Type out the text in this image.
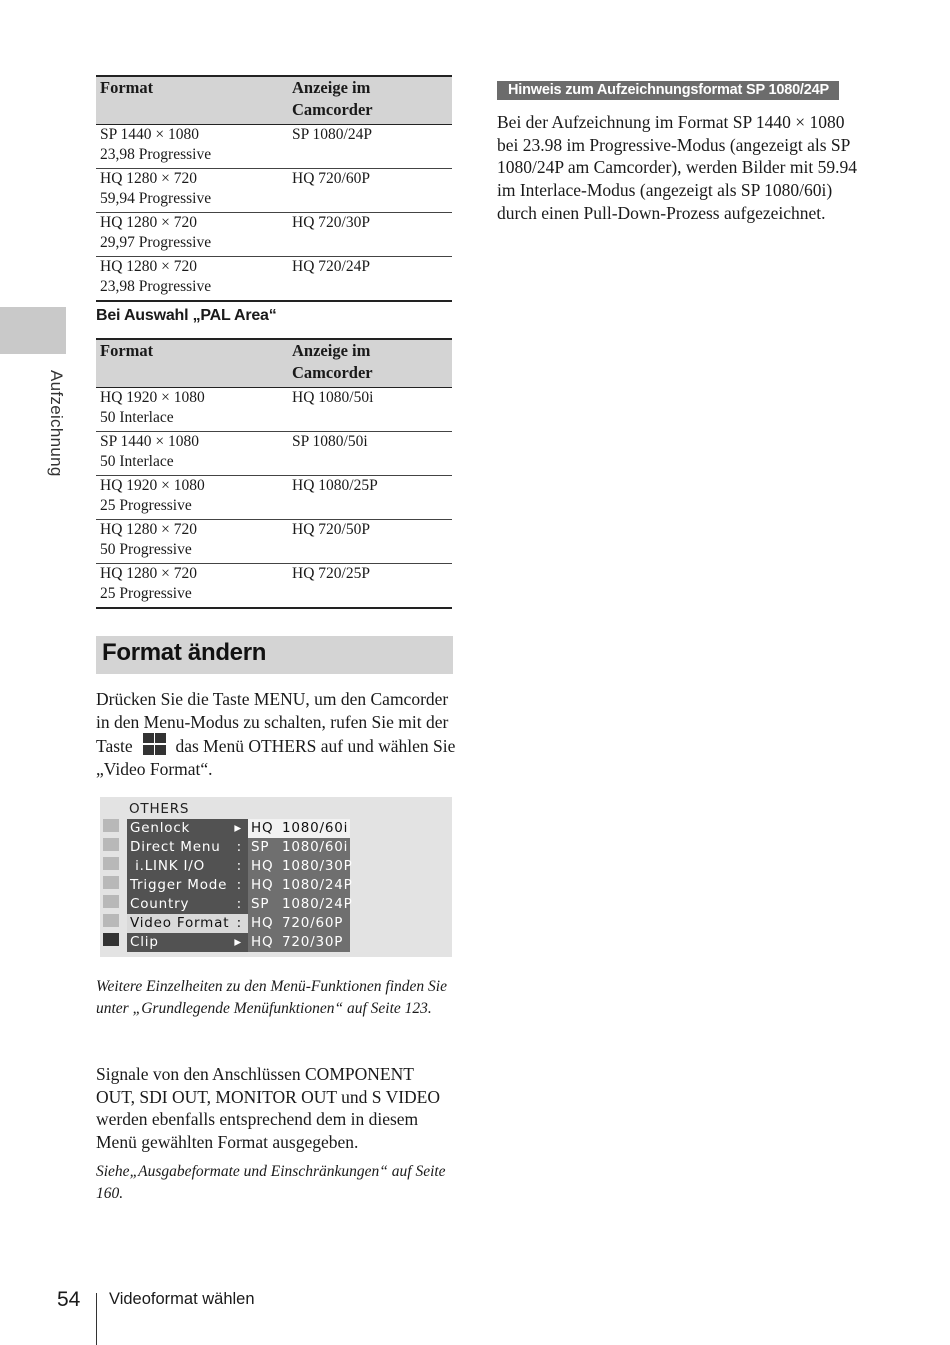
Aufzeichnung
Format	Anzeige im Camcorder
SP 1440 × 1080
23,98 Progressive	SP 1080/24P
HQ 1280 × 720
59,94 Progressive	HQ 720/60P
HQ 1280 × 720
29,97 Progressive	HQ 720/30P
HQ 1280 × 720
23,98 Progressive	HQ 720/24P
Bei Auswahl „PAL Area“
Format	Anzeige im Camcorder
HQ 1920 × 1080
50 Interlace	HQ 1080/50i
SP 1440 × 1080
50 Interlace	SP 1080/50i
HQ 1920 × 1080
25 Progressive	HQ 1080/25P
HQ 1280 × 720
50 Progressive	HQ 720/50P
HQ 1280 × 720
25 Progressive	HQ 720/25P
Format ändern
Drücken Sie die Taste MENU, um den Camcorder in den Menu-Modus zu schalten, rufen Sie mit der Taste das Menü OTHERS auf und wählen Sie „Video Format“.
OTHERS
Genlock	▸
Direct Menu :
i.LINK I/O :
Trigger Mode :
Country	:
Video Format :
Clip	▸
HQ 1080/60i
SP 1080/60i
HQ 1080/30P
HQ 1080/24P
SP 1080/24P
HQ 720/60P
HQ 720/30P
Weitere Einzelheiten zu den Menü-Funktionen finden Sie unter „Grundlegende Menüfunktionen“ auf Seite 123.
Signale von den Anschlüssen COMPONENT OUT, SDI OUT, MONITOR OUT und S VIDEO werden ebenfalls entsprechend dem in diesem Menü gewählten Format ausgegeben.
Siehe„Ausgabeformate und Einschränkungen“ auf Seite 160.
Hinweis zum Aufzeichnungsformat SP 1080/24P
Bei der Aufzeichnung im Format SP 1440 × 1080 bei 23.98 im Progressive-Modus (angezeigt als SP 1080/24P am Camcorder), werden Bilder mit 59.94 im Interlace-Modus (angezeigt als SP 1080/60i) durch einen Pull-Down-Prozess aufgezeichnet.
54 Videoformat wählen
